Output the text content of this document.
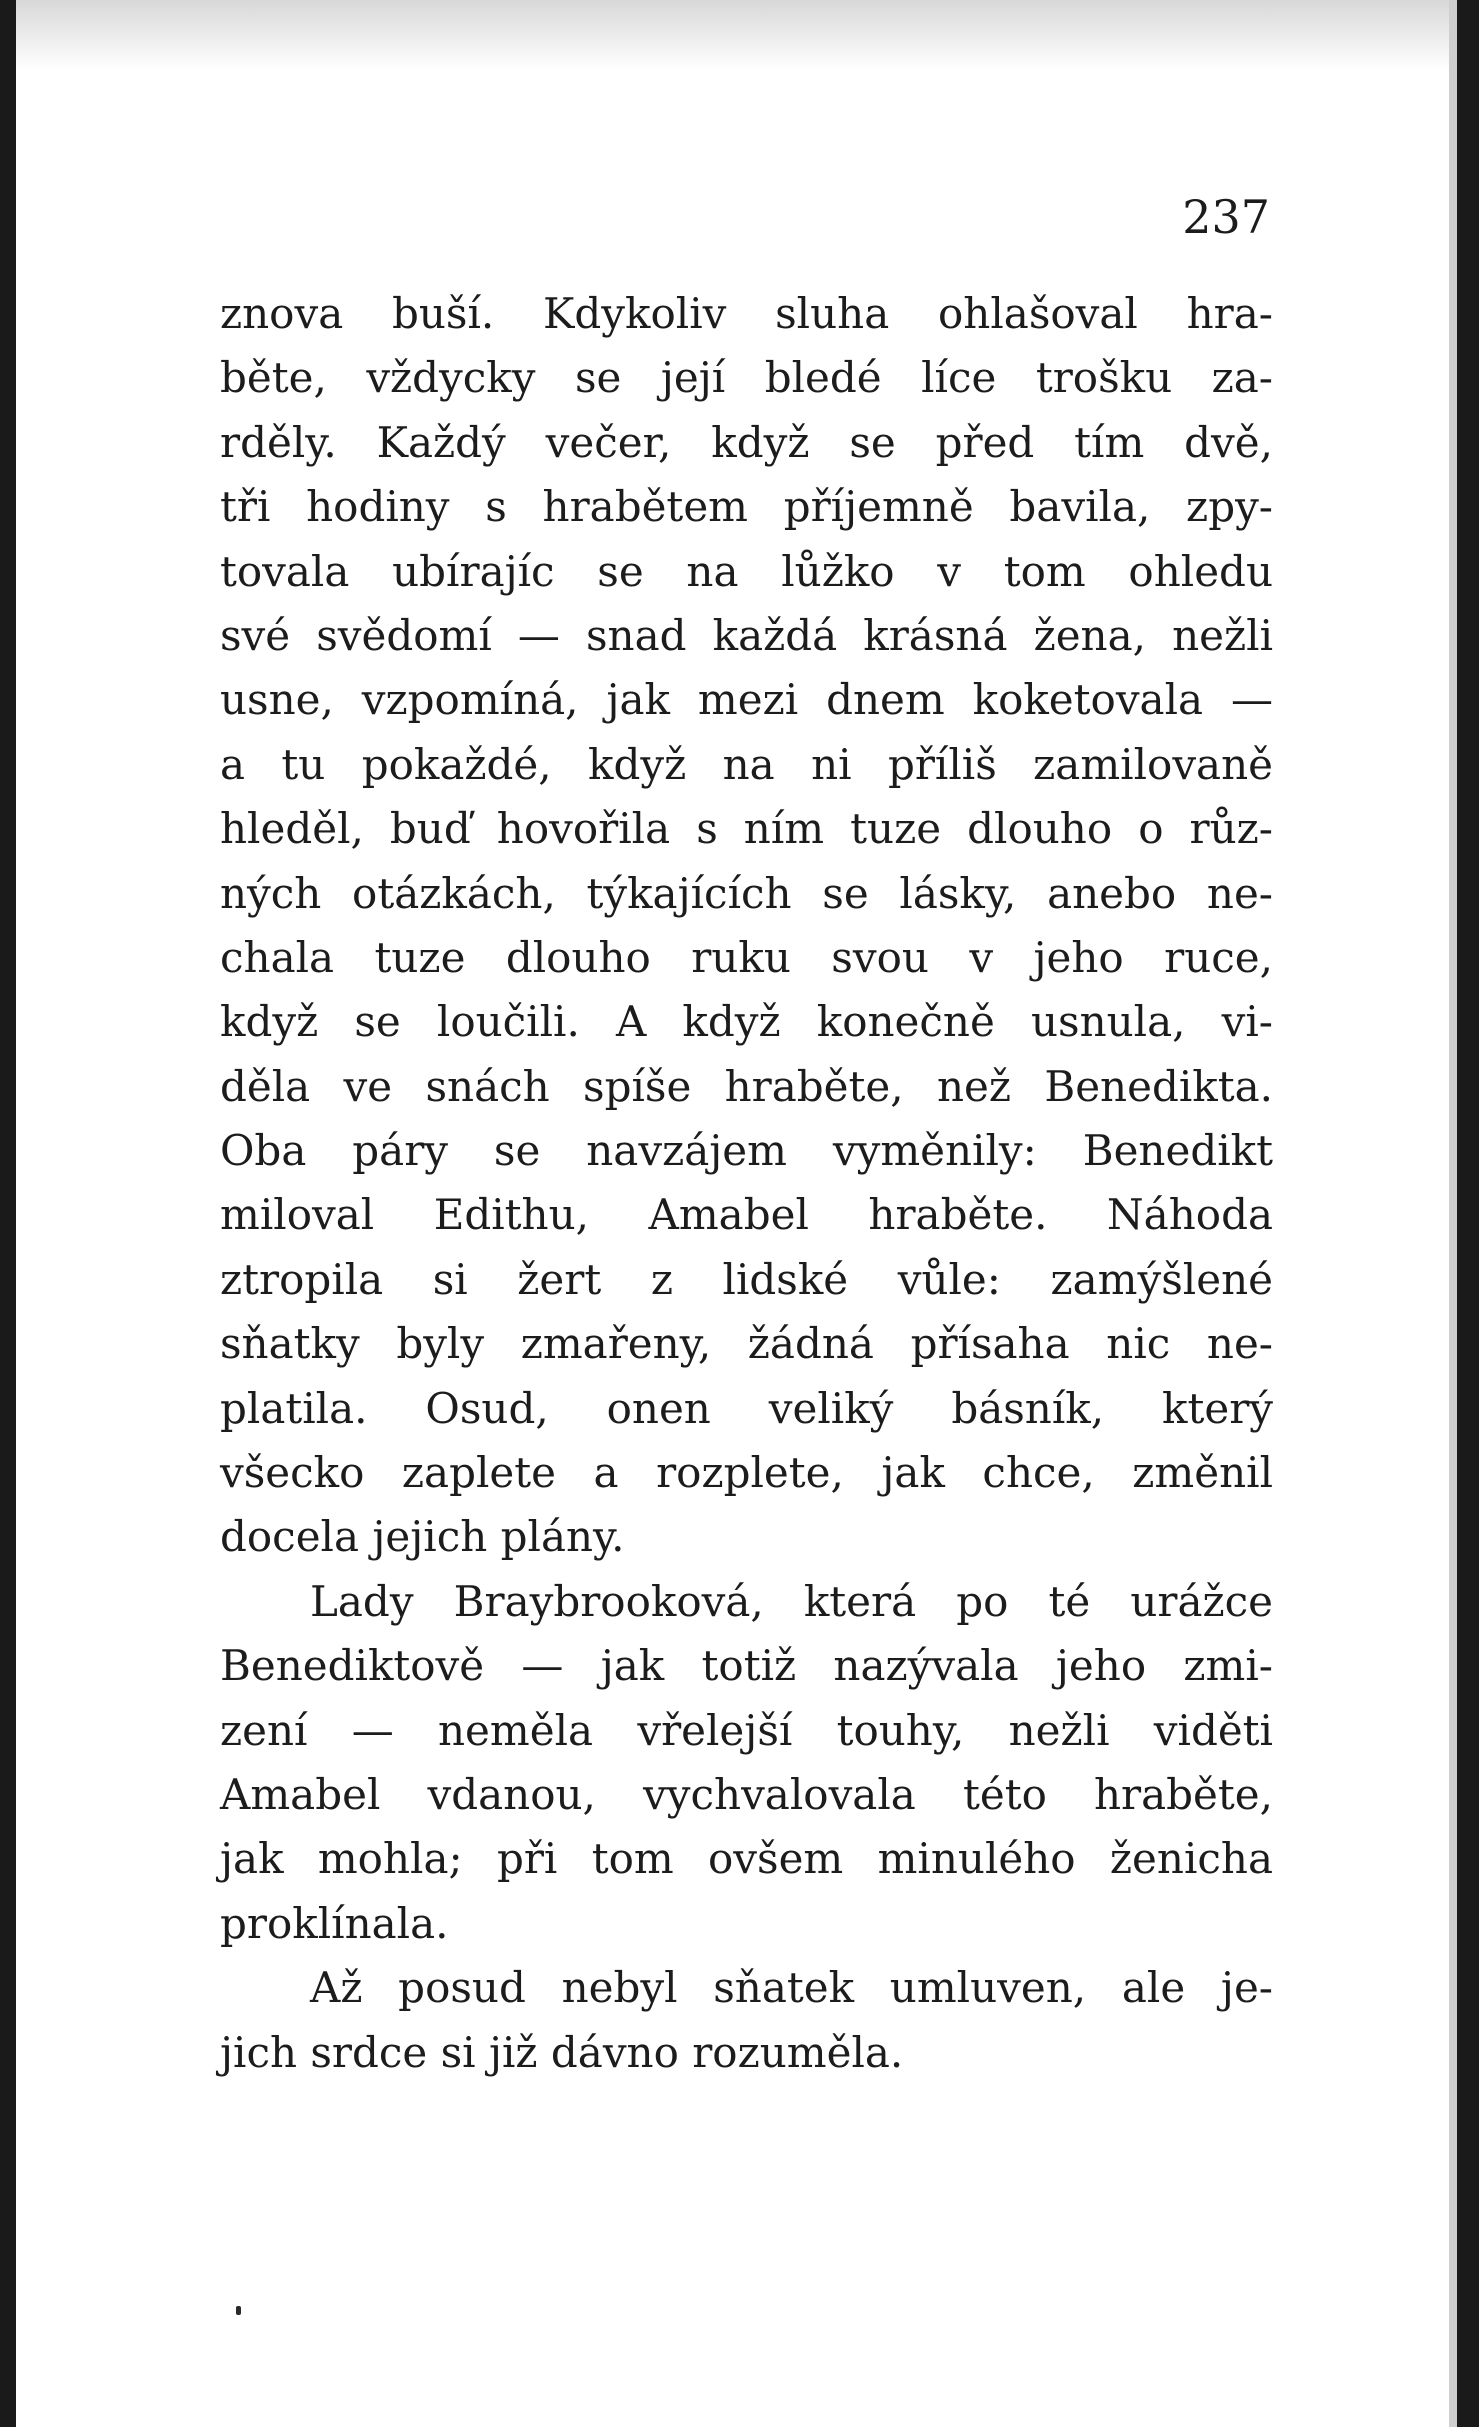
237

znova buší. Kdykoliv sluha ohlašoval hra-
běte, vždycky se její bledé líce trošku za-
rděly. Každý večer, když se před tím dvě,
tři hodiny s hrabětem příjemně bavila, zpy-
tovala ubírajíc se na lůžko v tom ohledu
své svědomí — snad každá krásná žena, nežli
usne, vzpomíná, jak mezi dnem koketovala —
a tu pokaždé, když na ni příliš zamilovaně
hleděl, buď hovořila s ním tuze dlouho o růz-
ných otázkách, týkajících se lásky, anebo ne-
chala tuze dlouho ruku svou v jeho ruce,
když se loučili. A když konečně usnula, vi-
děla ve snách spíše hraběte, než Benedikta.
Oba páry se navzájem vyměnily: Benedikt
miloval Edithu, Amabel hraběte. Náhoda
ztropila si žert z lidské vůle: zamýšlené
sňatky byly zmařeny, žádná přísaha nic ne-
platila. Osud, onen veliký básník, který
všecko zaplete a rozplete, jak chce, změnil
docela jejich plány.
Lady Braybrooková, která po té urážce
Benediktově — jak totiž nazývala jeho zmi-
zení — neměla vřelejší touhy, nežli viděti
Amabel vdanou, vychvalovala této hraběte,
jak mohla; při tom ovšem minulého ženicha
proklínala.
Až posud nebyl sňatek umluven, ale je-
jich srdce si již dávno rozuměla.
